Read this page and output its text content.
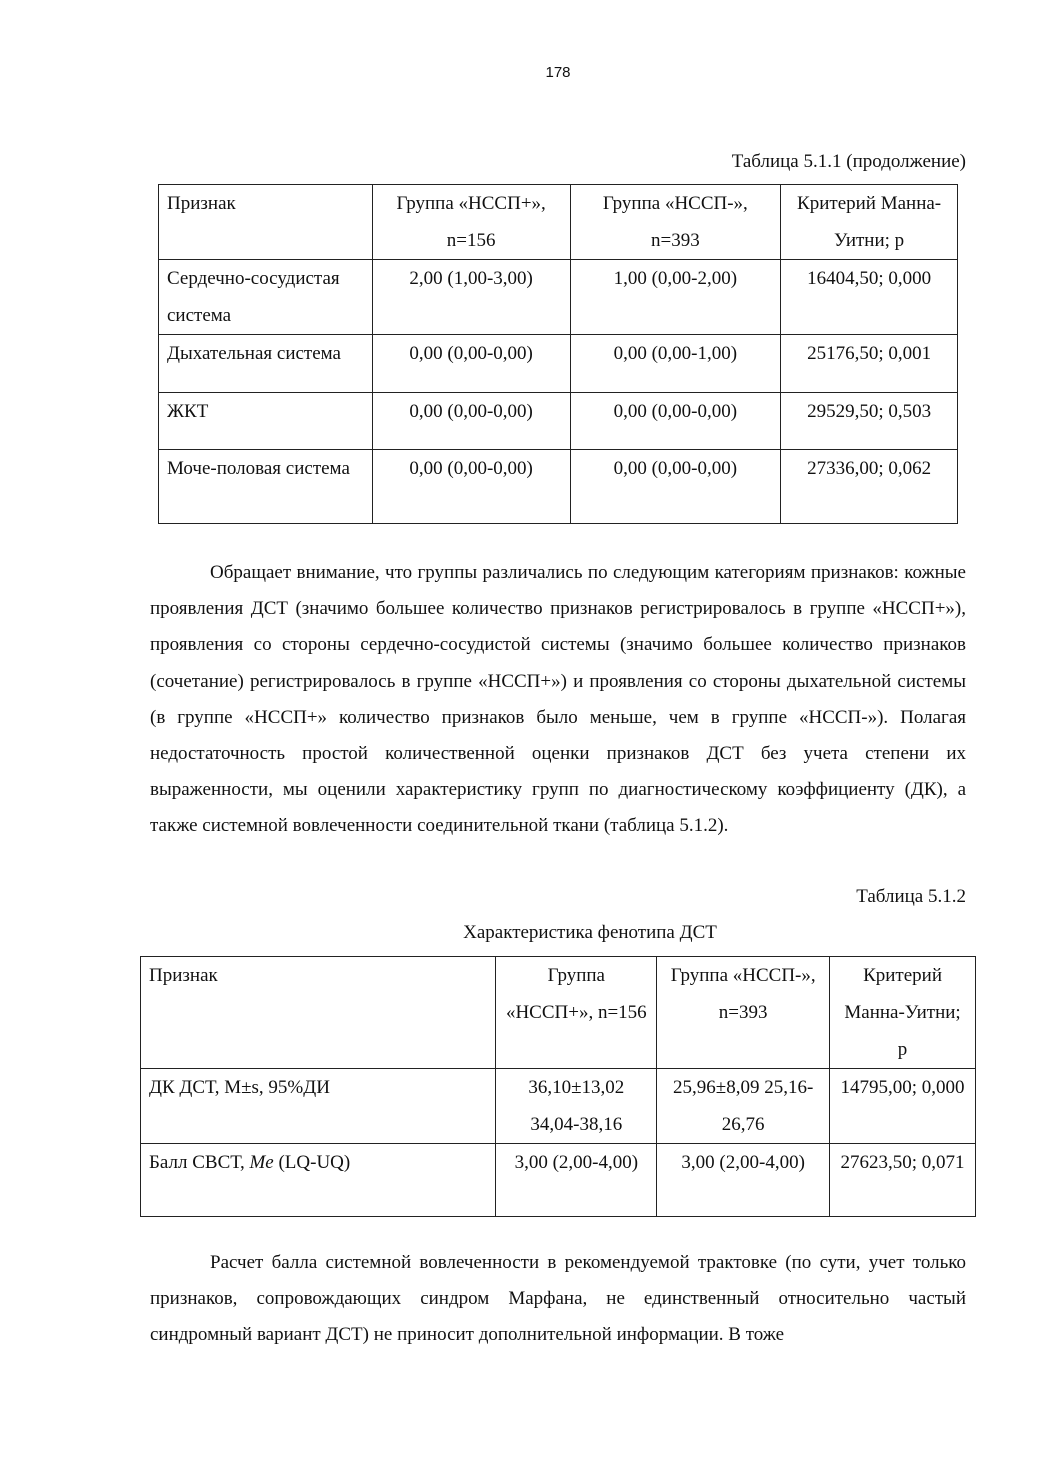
178
Таблица 5.1.1 (продолжение)
Признак	Группа «НССП+», n=156	Группа «НССП-», n=393	Критерий Манна-Уитни; p
Сердечно-сосудистая система	2,00 (1,00-3,00)	1,00 (0,00-2,00)	16404,50; 0,000
Дыхательная система	0,00 (0,00-0,00)	0,00 (0,00-1,00)	25176,50; 0,001
ЖКТ	0,00 (0,00-0,00)	0,00 (0,00-0,00)	29529,50; 0,503
Моче-половая система	0,00 (0,00-0,00)	0,00 (0,00-0,00)	27336,00; 0,062

Обращает внимание, что группы различались по следующим категориям признаков: кожные проявления ДСТ (значимо большее количество признаков регистрировалось в группе «НССП+»), проявления со стороны сердечно-сосудистой системы (значимо большее количество признаков (сочетание) регистрировалось в группе «НССП+») и проявления со стороны дыхательной системы (в группе «НССП+» количество признаков было меньше, чем в группе «НССП-»). Полагая недостаточность простой количественной оценки признаков ДСТ без учета степени их выраженности, мы оценили характеристику групп по диагностическому коэффициенту (ДК), а также системной вовлеченности соединительной ткани (таблица 5.1.2).

Таблица 5.1.2
Характеристика фенотипа ДСТ
Признак	Группа «НССП+», n=156	Группа «НССП-», n=393	Критерий Манна-Уитни; p
ДК ДСТ, M±s, 95%ДИ	36,10±13,02 34,04-38,16	25,96±8,09 25,16-26,76	14795,00; 0,000
Балл СВСТ, Me (LQ-UQ)	3,00 (2,00-4,00)	3,00 (2,00-4,00)	27623,50; 0,071

Расчет балла системной вовлеченности в рекомендуемой трактовке (по сути, учет только признаков, сопровождающих синдром Марфана, не единственный относительно частый синдромный вариант ДСТ) не приносит дополнительной информации. В тоже
